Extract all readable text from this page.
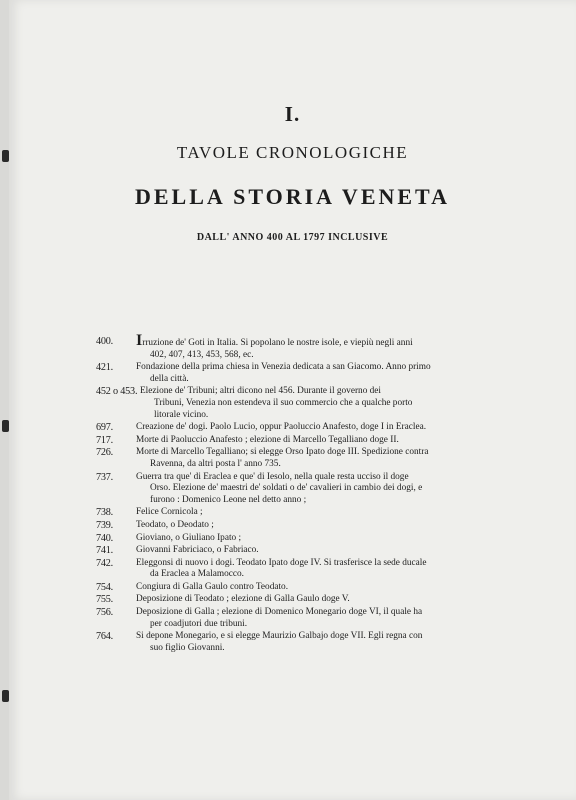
I.
TAVOLE CRONOLOGICHE
DELLA STORIA VENETA
DALL' ANNO 400 AL 1797 INCLUSIVE
400.	Irruzione de' Goti in Italia. Si popolano le nostre isole, e viepiù negli anni
402, 407, 413, 453, 568, ec.
421.	Fondazione della prima chiesa in Venezia dedicata a san Giacomo. Anno primo
della città.
452 o 453. Elezione de' Tribuni; altri dicono nel 456. Durante il governo dei
Tribuni, Venezia non estendeva il suo commercio che a qualche porto
litorale vicino.
697.	Creazione de' dogi. Paolo Lucio, oppur Paoluccio Anafesto, doge I in Eraclea.
717.	Morte di Paoluccio Anafesto ; elezione di Marcello Tegalliano doge II.
726.	Morte di Marcello Tegalliano; si elegge Orso Ipato doge III. Spedizione contra
Ravenna, da altri posta l' anno 735.
737.	Guerra tra que' di Eraclea e que' di Iesolo, nella quale resta ucciso il doge
Orso. Elezione de' maestri de' soldati o de' cavalieri in cambio dei dogi, e
furono : Domenico Leone nel detto anno ;
738.	Felice Cornicola ;
739.	Teodato, o Deodato ;
740.	Gioviano, o Giuliano Ipato ;
741.	Giovanni Fabriciaco, o Fabriaco.
742.	Eleggonsi di nuovo i dogi. Teodato Ipato doge IV. Si trasferisce la sede ducale
da Eraclea a Malamocco.
754.	Congiura di Galla Gaulo contro Teodato.
755.	Deposizione di Teodato ; elezione di Galla Gaulo doge V.
756.	Deposizione di Galla ; elezione di Domenico Monegario doge VI, il quale ha
per coadjutori due tribuni.
764.	Si depone Monegario, e si elegge Maurizio Galbajo doge VII. Egli regna con
suo figlio Giovanni.
